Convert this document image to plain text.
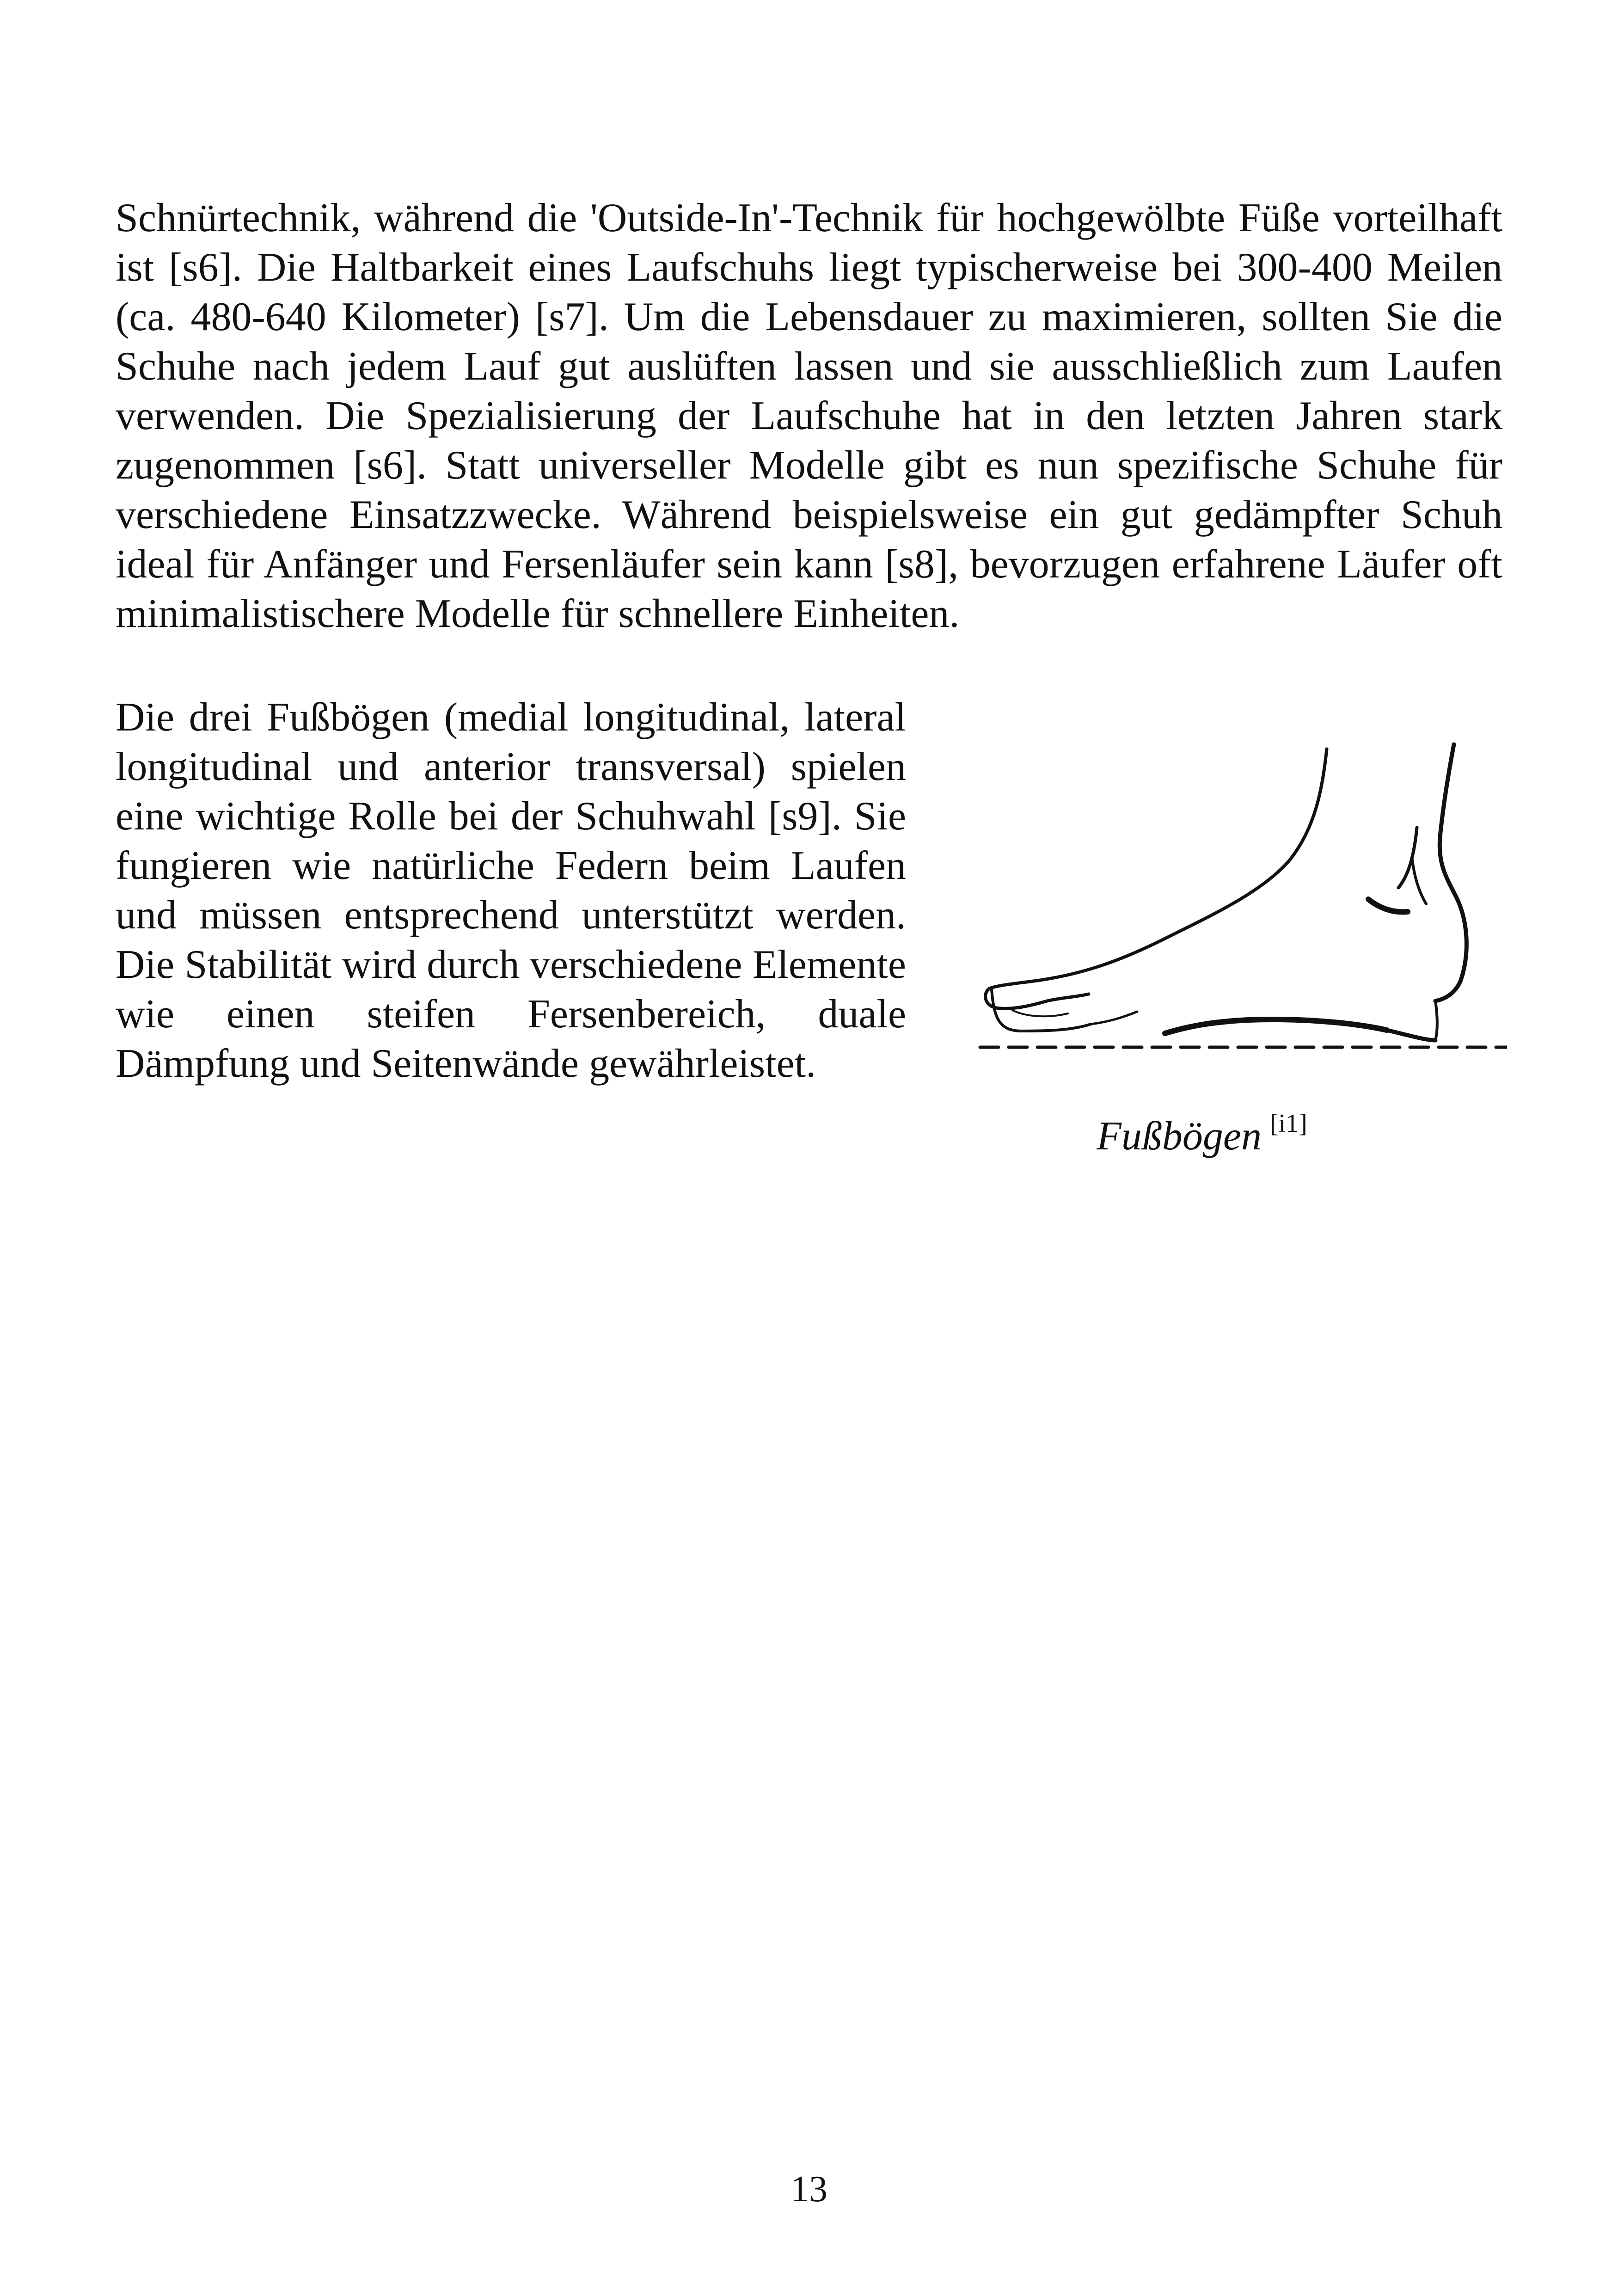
Schnürtechnik, während die 'Outside-In'-Technik für hochgewölbte Füße vorteilhaft ist [s6]. Die Haltbarkeit eines Laufschuhs liegt typischerweise bei 300-400 Meilen (ca. 480-640 Kilometer) [s7]. Um die Lebensdauer zu maximieren, sollten Sie die Schuhe nach jedem Lauf gut auslüften lassen und sie ausschließlich zum Laufen verwenden. Die Spezialisierung der Laufschuhe hat in den letzten Jahren stark zugenommen [s6]. Statt universeller Modelle gibt es nun spezifische Schuhe für verschiedene Einsatzzwecke. Während beispielsweise ein gut gedämpfter Schuh ideal für Anfänger und Fersenläufer sein kann [s8], bevorzugen erfahrene Läufer oft minimalistischere Modelle für schnellere Einheiten.

Die drei Fußbögen (medial longitudinal, lateral longitudinal und anterior transversal) spielen eine wichtige Rolle bei der Schuhwahl [s9]. Sie fungieren wie natürliche Federn beim Laufen und müssen entsprechend unterstützt werden. Die Stabilität wird durch verschiedene Elemente wie einen steifen Fersenbereich, duale Dämpfung und Seitenwände gewährleistet.

Fußbögen [i1]
13
